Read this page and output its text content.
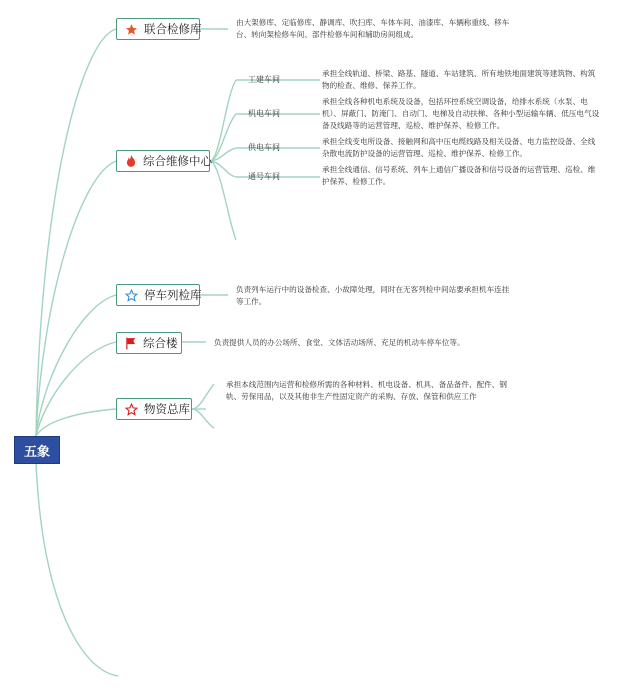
五象
联合检修库	由大架修库、定临修库、静调库、吹扫库、车体车间、油漆库、车辆称重线、移车台、转向架检修车间、部件检修车间和辅助房间组成。
综合维修中心
工建车间
承担全线轨道、桥梁、路基、隧道、车站建筑、所有地铁地面建筑等建筑物、构筑物的检查、维修、保养工作。
机电车间
承担全线各种机电系统及设备，包括环控系统空调设备，给排水系统（水泵、电机）、屏蔽门、防淹门、自动门、电梯及自动扶梯、各种小型运输车辆、低压电气设备及线路等的运营管理、巡检、维护保养、检修工作。
供电车间
承担全线变电所设备、接触网和高中压电缆线路及相关设备、电力监控设备、全线杂散电流防护设备的运营管理、巡检、维护保养、检修工作。
通号车间
承担全线通信、信号系统、列车上通信广播设备和信号设备的运营管理、巡检、维护保养、检修工作。
停车列检库	负责列车运行中的设备检查、小故障处理，同时在无客列检中间站要承担机车连挂等工作。
综合楼	负责提供人员的办公场所、食堂、文体活动场所、充足的机动车停车位等。
物资总库
承担本线范围内运营和检修所需的各种材料、机电设备、机具、备品备件、配件、钢轨、劳保用品，以及其他非生产性固定资产的采购、存放、保管和供应工作
